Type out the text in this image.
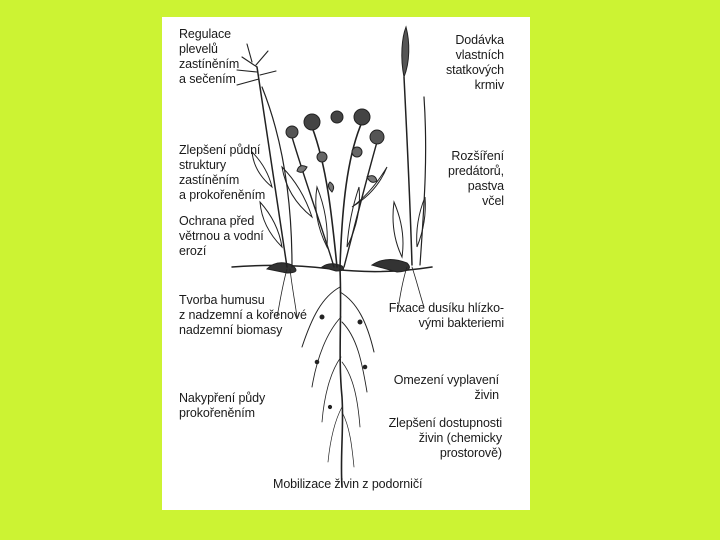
Regulace
plevelů
zastíněním
a sečením
Dodávka
vlastních
statkových
krmiv
Zlepšení půdní
struktury
zastíněním
a prokořeněním
Rozšíření
predátorů,
pastva
včel
Ochrana před
větrnou a vodní
erozí
Tvorba humusu
z nadzemní a kořenové
nadzemní biomasy
Fixace dusíku hlízko-
vými bakteriemi
Omezení vyplavení
živin
Nakypření půdy
prokořeněním
Zlepšení dostupnosti
živin (chemicky
prostorově)
Mobilizace živin z podorničí
